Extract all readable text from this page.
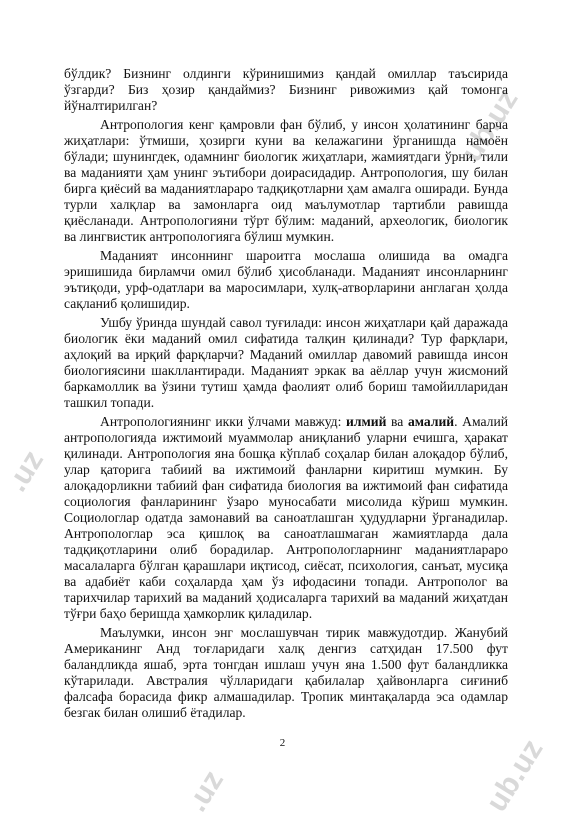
ub.uz
.uz
.uz	ub.uz

бўлдик? Бизнинг олдинги кўринишимиз қандай омиллар таъсирида ўзгарди? Биз ҳозир қандаймиз? Бизнинг ривожимиз қай томонга йўналтирилган?

Антропология кенг қамровли фан бўлиб, у инсон ҳолатининг барча жиҳатлари: ўтмиши, ҳозирги куни ва келажагини ўрганишда намоён бўлади; шунингдек, одамнинг биологик жиҳатлари, жамиятдаги ўрни, тили ва маданияти ҳам унинг эътибори доирасидадир. Антропология, шу билан бирга қиёсий ва маданиятлараро тадқиқотларни ҳам амалга оширади. Бунда турли халқлар ва замонларга оид маълумотлар тартибли равишда қиёсланади. Антропологияни тўрт бўлим: маданий, археологик, биологик ва лингвистик антропологияга бўлиш мумкин.

Маданият инсоннинг шароитга мослаша олишида ва омадга эришишида бирламчи омил бўлиб ҳисобланади. Маданият инсонларнинг эътиқоди, урф-одатлари ва маросимлари, хулқ-атворларини англаган ҳолда сақланиб қолишидир.

Ушбу ўринда шундай савол туғилади: инсон жиҳатлари қай даражада биологик ёки маданий омил сифатида талқин қилинади? Тур фарқлари, аҳлоқий ва ирқий фарқларчи? Маданий омиллар давомий равишда инсон биологиясини шакллантиради. Маданият эркак ва аёллар учун жисмоний баркамоллик ва ўзини тутиш ҳамда фаолият олиб бориш тамойилларидан ташкил топади.

Антропологиянинг икки ўлчами мавжуд: илмий ва амалий. Амалий антропологияда ижтимоий муаммолар аниқланиб уларни ечишга, ҳаракат қилинади. Антропология яна бошқа кўплаб соҳалар билан алоқадор бўлиб, улар қаторига табиий ва ижтимоий фанларни киритиш мумкин. Бу алоқадорликни табиий фан сифатида биология ва ижтимоий фан сифатида социология фанларининг ўзаро муносабати мисолида кўриш мумкин. Социологлар одатда замонавий ва саноатлашган ҳудудларни ўрганадилар. Антропологлар эса қишлоқ ва саноатлашмаган жамиятларда дала тадқиқотларини олиб борадилар. Антропологларнинг маданиятлараро масалаларга бўлган қарашлари иқтисод, сиёсат, психология, санъат, мусиқа ва адабиёт каби соҳаларда ҳам ўз ифодасини топади. Антрополог ва тарихчилар тарихий ва маданий ҳодисаларга тарихий ва маданий жиҳатдан тўғри баҳо беришда ҳамкорлик қиладилар.

Маълумки, инсон энг мослашувчан тирик мавжудотдир. Жанубий Американинг Анд тоғларидаги халқ денгиз сатҳидан 17.500 фут баландликда яшаб, эрта тонгдан ишлаш учун яна 1.500 фут баландликка кўтарилади. Австралия чўлларидаги қабилалар ҳайвонларга сиғиниб фалсафа борасида фикр алмашадилар. Тропик минтақаларда эса одамлар безгак билан олишиб ётадилар.

2
